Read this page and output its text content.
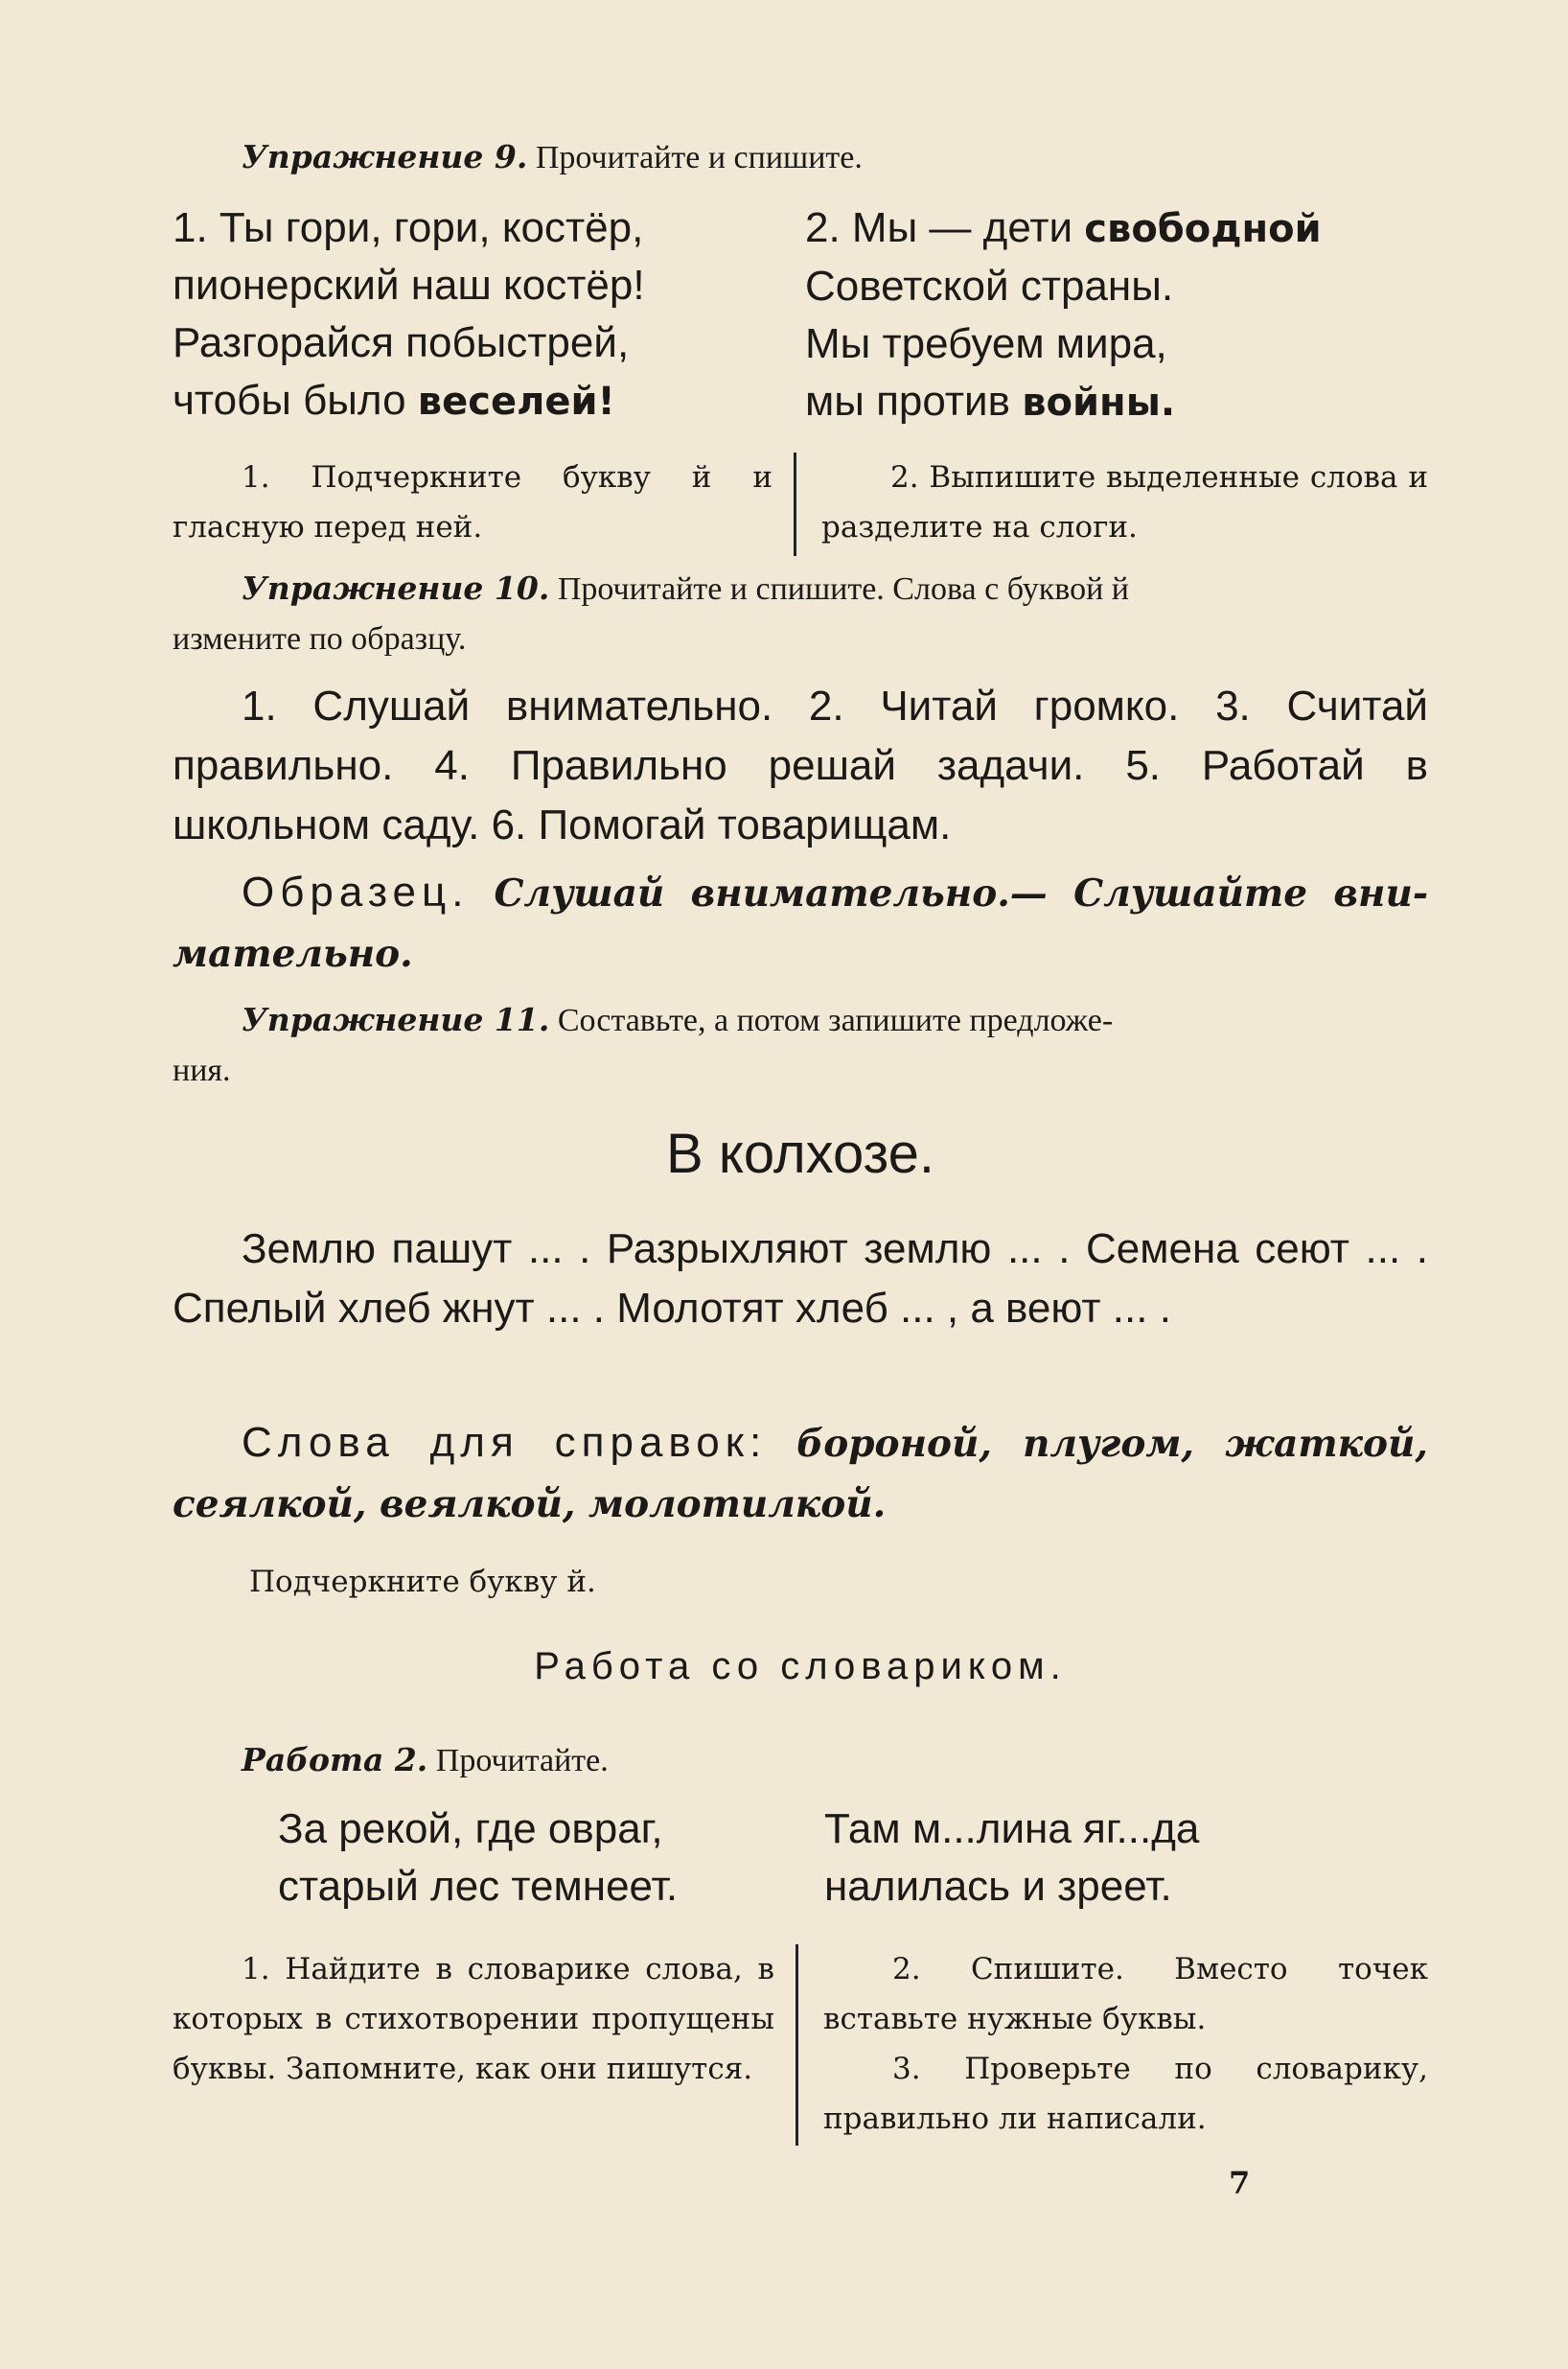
Упражнение 9. Прочитайте и спишите.
1. Ты гори, гори, костёр,
пионерский наш костёр!
Разгорайся побыстрей,
чтобы было веселей!
2. Мы — дети свободной
Советской страны.
Мы требуем мира,
мы против войны.

1. Подчеркните букву й и гласную перед ней.

2. Выпишите выделенные слова и разделите на слоги.

Упражнение 10. Прочитайте и спишите. Слова с буквой й
измените по образцу.

1. Слушай внимательно. 2. Читай громко. 3. Считай правильно. 4. Правильно решай задачи. 5. Работай в школьном саду. 6. Помогай товарищам.

Образец. Слушай внимательно.— Слушайте вни-мательно.

Упражнение 11. Составьте, а потом запишите предложе-
ния.
В колхозе.

Землю пашут ... . Разрыхляют землю ... . Семена сеют ... . Спелый хлеб жнут ... . Молотят хлеб ... , а веют ... .

Слова для справок: бороной, плугом, жаткой, сеялкой, веялкой, молотилкой.

Подчеркните букву й.
Работа со словариком.
Работа 2. Прочитайте.
За рекой, где овраг,
старый лес темнеет.
Там м...лина яг...да
налилась и зреет.

1. Найдите в словарике слова, в которых в стихотворении пропущены буквы. Запомните, как они пишутся.

2. Спишите. Вместо точек вставьте нужные буквы.

3. Проверьте по словарику, правильно ли написали.

7
